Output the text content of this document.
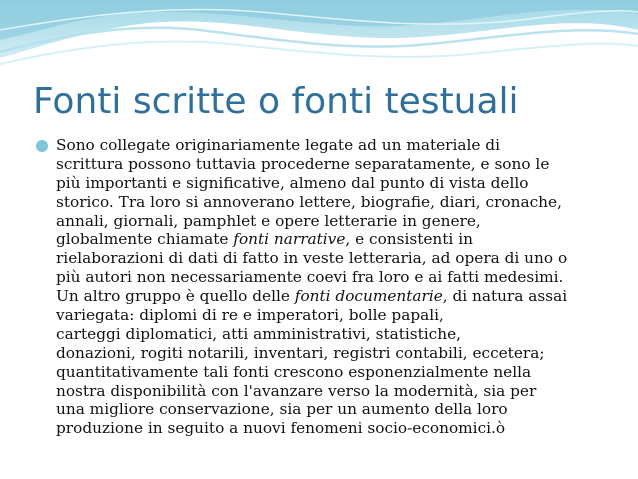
Fonti scritte o fonti testuali
Sono collegate originariamente legate ad un materiale di
scrittura possono tuttavia procederne separatamente, e sono le
più importanti e significative, almeno dal punto di vista dello
storico. Tra loro si annoverano lettere, biografie, diari, cronache,
annali, giornali, pamphlet e opere letterarie in genere,
globalmente chiamate fonti narrative, e consistenti in
rielaborazioni di dati di fatto in veste letteraria, ad opera di uno o
più autori non necessariamente coevi fra loro e ai fatti medesimi.
Un altro gruppo è quello delle fonti documentarie, di natura assai
variegata: diplomi di re e imperatori, bolle papali,
carteggi diplomatici, atti amministrativi, statistiche,
donazioni, rogiti notarili, inventari, registri contabili, eccetera;
quantitativamente tali fonti crescono esponenzialmente nella
nostra disponibilità con l'avanzare verso la modernità, sia per
una migliore conservazione, sia per un aumento della loro
produzione in seguito a nuovi fenomeni socio-economici.ò
